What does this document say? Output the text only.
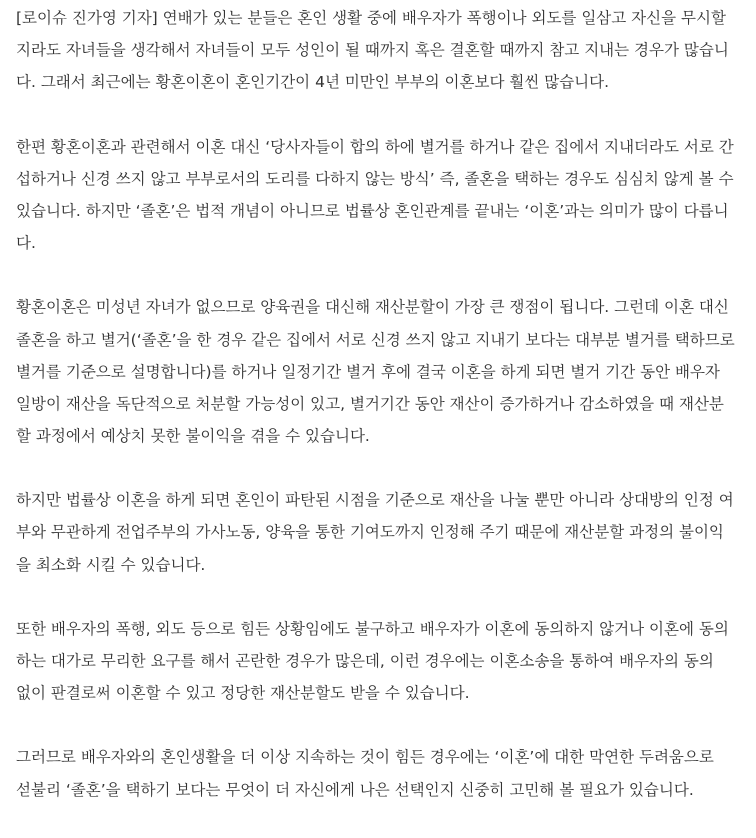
[로이슈 진가영 기자] 연배가 있는 분들은 혼인 생활 중에 배우자가 폭행이나 외도를 일삼고 자신을 무시할
지라도 자녀들을 생각해서 자녀들이 모두 성인이 될 때까지 혹은 결혼할 때까지 참고 지내는 경우가 많습니
다. 그래서 최근에는 황혼이혼이 혼인기간이 4년 미만인 부부의 이혼보다 훨씬 많습니다.

한편 황혼이혼과 관련해서 이혼 대신 ‘당사자들이 합의 하에 별거를 하거나 같은 집에서 지내더라도 서로 간
섭하거나 신경 쓰지 않고 부부로서의 도리를 다하지 않는 방식’ 즉, 졸혼을 택하는 경우도 심심치 않게 볼 수
있습니다. 하지만 ‘졸혼’은 법적 개념이 아니므로 법률상 혼인관계를 끝내는 ‘이혼’과는 의미가 많이 다릅니
다.

황혼이혼은 미성년 자녀가 없으므로 양육권을 대신해 재산분할이 가장 큰 쟁점이 됩니다. 그런데 이혼 대신
졸혼을 하고 별거(‘졸혼’을 한 경우 같은 집에서 서로 신경 쓰지 않고 지내기 보다는 대부분 별거를 택하므로
별거를 기준으로 설명합니다)를 하거나 일정기간 별거 후에 결국 이혼을 하게 되면 별거 기간 동안 배우자
일방이 재산을 독단적으로 처분할 가능성이 있고, 별거기간 동안 재산이 증가하거나 감소하였을 때 재산분
할 과정에서 예상치 못한 불이익을 겪을 수 있습니다.

하지만 법률상 이혼을 하게 되면 혼인이 파탄된 시점을 기준으로 재산을 나눌 뿐만 아니라 상대방의 인정 여
부와 무관하게 전업주부의 가사노동, 양육을 통한 기여도까지 인정해 주기 때문에 재산분할 과정의 불이익
을 최소화 시킬 수 있습니다.

또한 배우자의 폭행, 외도 등으로 힘든 상황임에도 불구하고 배우자가 이혼에 동의하지 않거나 이혼에 동의
하는 대가로 무리한 요구를 해서 곤란한 경우가 많은데, 이런 경우에는 이혼소송을 통하여 배우자의 동의
없이 판결로써 이혼할 수 있고 정당한 재산분할도 받을 수 있습니다.

그러므로 배우자와의 혼인생활을 더 이상 지속하는 것이 힘든 경우에는 ‘이혼’에 대한 막연한 두려움으로
섣불리 ‘졸혼’을 택하기 보다는 무엇이 더 자신에게 나은 선택인지 신중히 고민해 볼 필요가 있습니다.
